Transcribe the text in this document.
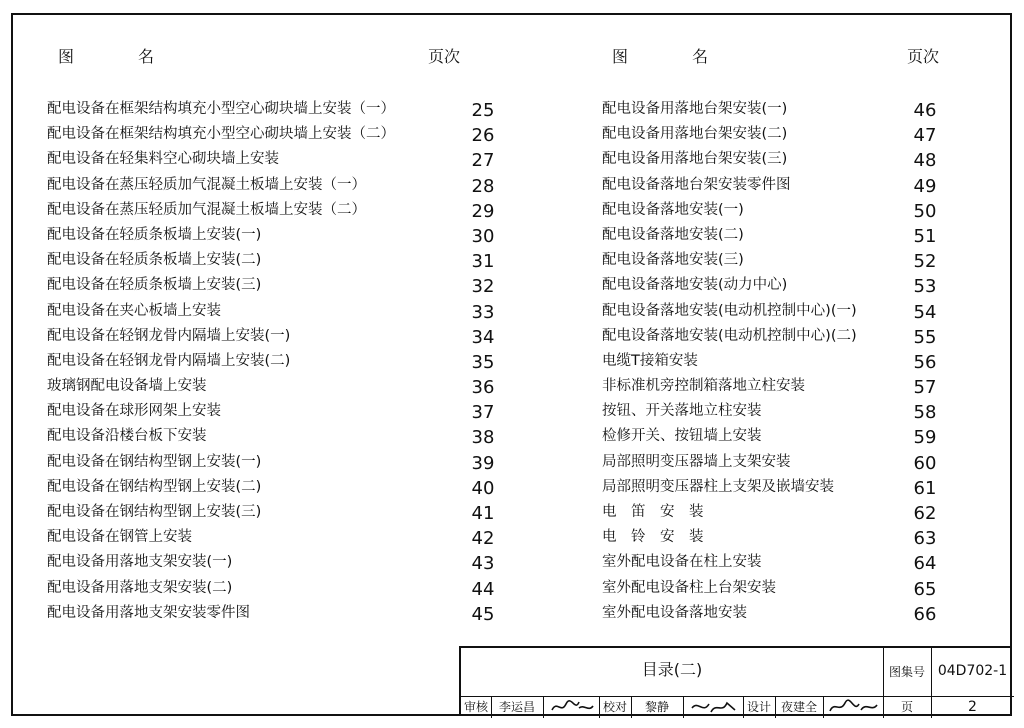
图　　　　名	页次	图　　　　名	页次
配电设备在框架结构填充小型空心砌块墙上安装（一）	25
配电设备在框架结构填充小型空心砌块墙上安装（二）	26
配电设备在轻集料空心砌块墙上安装	27
配电设备在蒸压轻质加气混凝土板墙上安装（一）	28
配电设备在蒸压轻质加气混凝土板墙上安装（二）	29
配电设备在轻质条板墙上安装(一)	30
配电设备在轻质条板墙上安装(二)	31
配电设备在轻质条板墙上安装(三)	32
配电设备在夹心板墙上安装	33
配电设备在轻钢龙骨内隔墙上安装(一)	34
配电设备在轻钢龙骨内隔墙上安装(二)	35
玻璃钢配电设备墙上安装	36
配电设备在球形网架上安装	37
配电设备沿楼台板下安装	38
配电设备在钢结构型钢上安装(一)	39
配电设备在钢结构型钢上安装(二)	40
配电设备在钢结构型钢上安装(三)	41
配电设备在钢管上安装	42
配电设备用落地支架安装(一)	43
配电设备用落地支架安装(二)	44
配电设备用落地支架安装零件图	45
配电设备用落地台架安装(一)	46
配电设备用落地台架安装(二)	47
配电设备用落地台架安装(三)	48
配电设备落地台架安装零件图	49
配电设备落地安装(一)	50
配电设备落地安装(二)	51
配电设备落地安装(三)	52
配电设备落地安装(动力中心)	53
配电设备落地安装(电动机控制中心)(一)	54
配电设备落地安装(电动机控制中心)(二)	55
电缆T接箱安装	56
非标准机旁控制箱落地立柱安装	57
按钮、开关落地立柱安装	58
检修开关、按钮墙上安装	59
局部照明变压器墙上支架安装	60
局部照明变压器柱上支架及嵌墙安装	61
电　笛　安　装	62
电　铃　安　装	63
室外配电设备在柱上安装	64
室外配电设备柱上台架安装	65
室外配电设备落地安装	66
目录(二)	图集号 04D702-1
审核 李运昌	校对	黎静	设计 夜建全	页	2
